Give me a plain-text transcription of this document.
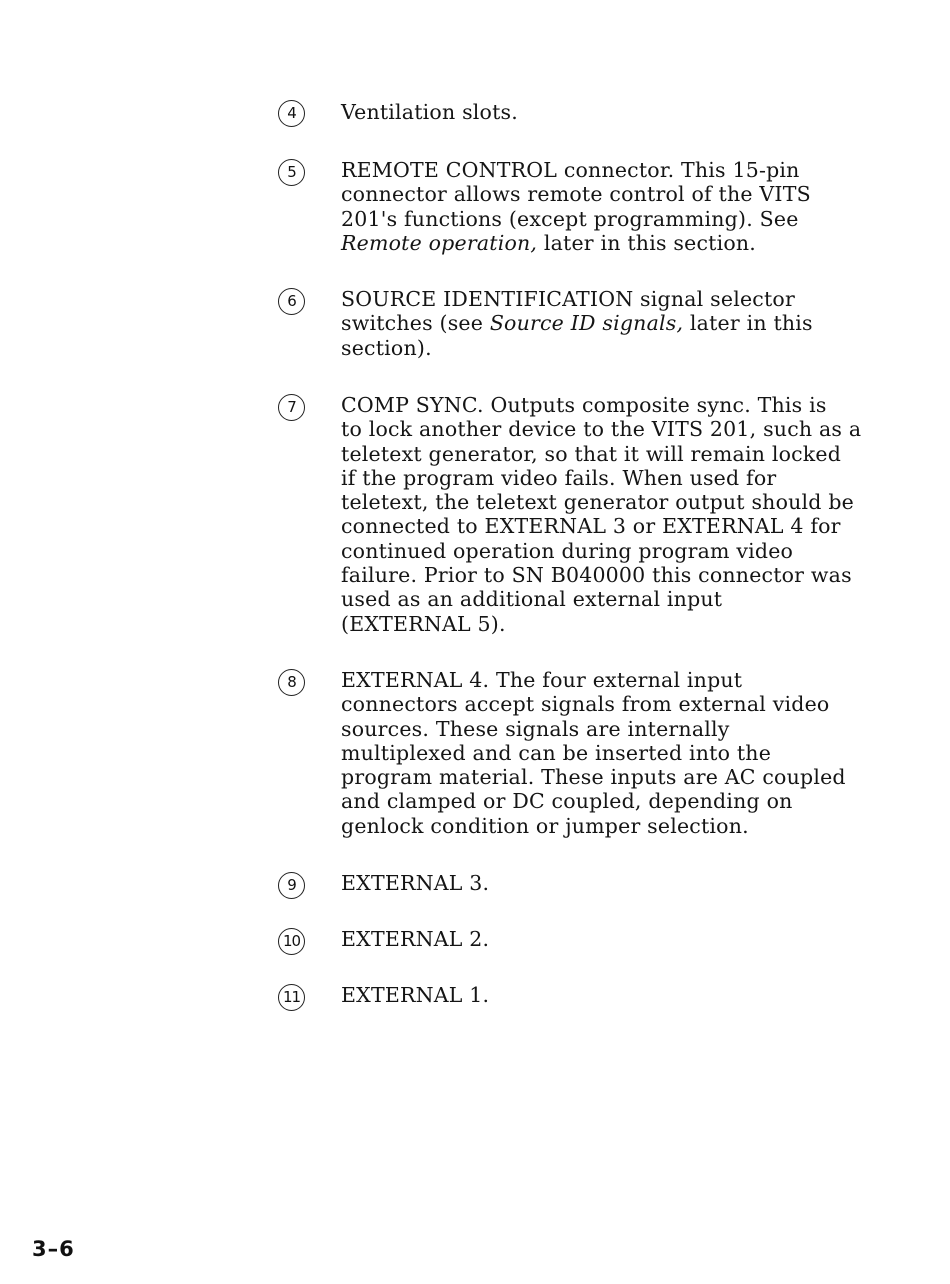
4	Ventilation slots.
5	REMOTE CONTROL connector. This 15-pin
connector allows remote control of the VITS
201's functions (except programming). See
Remote operation, later in this section.
6	SOURCE IDENTIFICATION signal selector
switches (see Source ID signals, later in this
section).
7	COMP SYNC. Outputs composite sync. This is
to lock another device to the VITS 201, such as a
teletext generator, so that it will remain locked
if the program video fails. When used for
teletext, the teletext generator output should be
connected to EXTERNAL 3 or EXTERNAL 4 for
continued operation during program video
failure. Prior to SN B040000 this connector was
used as an additional external input
(EXTERNAL 5).
8	EXTERNAL 4. The four external input
connectors accept signals from external video
sources. These signals are internally
multiplexed and can be inserted into the
program material. These inputs are AC coupled
and clamped or DC coupled, depending on
genlock condition or jumper selection.
9	EXTERNAL 3.
10 EXTERNAL 2.
11 EXTERNAL 1.
3–6
